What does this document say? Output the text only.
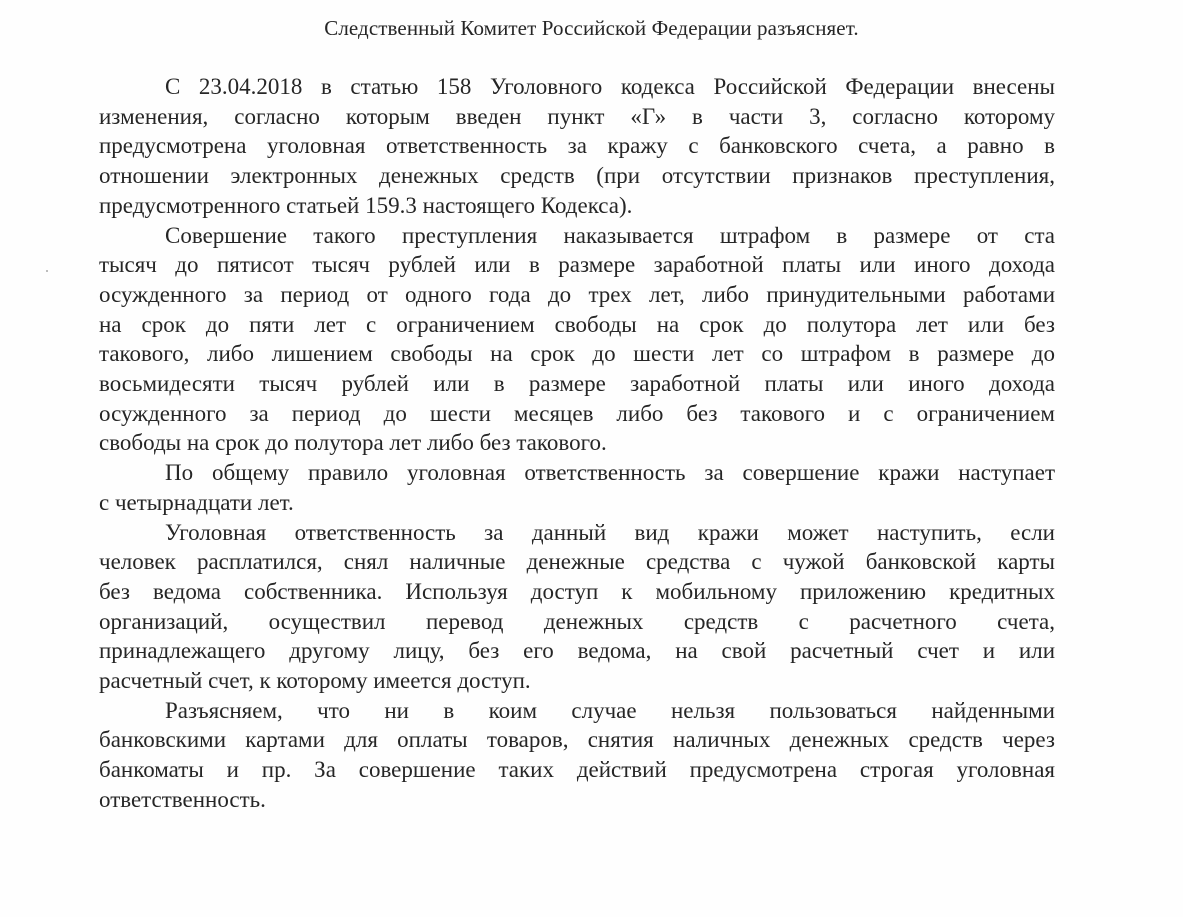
Следственный Комитет Российской Федерации разъясняет.

С 23.04.2018 в статью 158 Уголовного кодекса Российской Федерации внесены
изменения, согласно которым введен пункт «Г» в части 3, согласно которому
предусмотрена уголовная ответственность за кражу с банковского счета, а равно в
отношении электронных денежных средств (при отсутствии признаков преступления,
предусмотренного статьей 159.3 настоящего Кодекса).

Совершение такого преступления наказывается штрафом в размере от ста
тысяч до пятисот тысяч рублей или в размере заработной платы или иного дохода
осужденного за период от одного года до трех лет, либо принудительными работами
на срок до пяти лет с ограничением свободы на срок до полутора лет или без
такового, либо лишением свободы на срок до шести лет со штрафом в размере до
восьмидесяти тысяч рублей или в размере заработной платы или иного дохода
осужденного за период до шести месяцев либо без такового и с ограничением
свободы на срок до полутора лет либо без такового.

По общему правило уголовная ответственность за совершение кражи наступает
с четырнадцати лет.

Уголовная ответственность за данный вид кражи может наступить, если
человек расплатился, снял наличные денежные средства с чужой банковской карты
без ведома собственника. Используя доступ к мобильному приложению кредитных
организаций, осуществил перевод денежных средств с расчетного счета,
принадлежащего другому лицу, без его ведома, на свой расчетный счет и или
расчетный счет, к которому имеется доступ.

Разъясняем, что ни в коим случае нельзя пользоваться найденными
банковскими картами для оплаты товаров, снятия наличных денежных средств через
банкоматы и пр. За совершение таких действий предусмотрена строгая уголовная
ответственность.
